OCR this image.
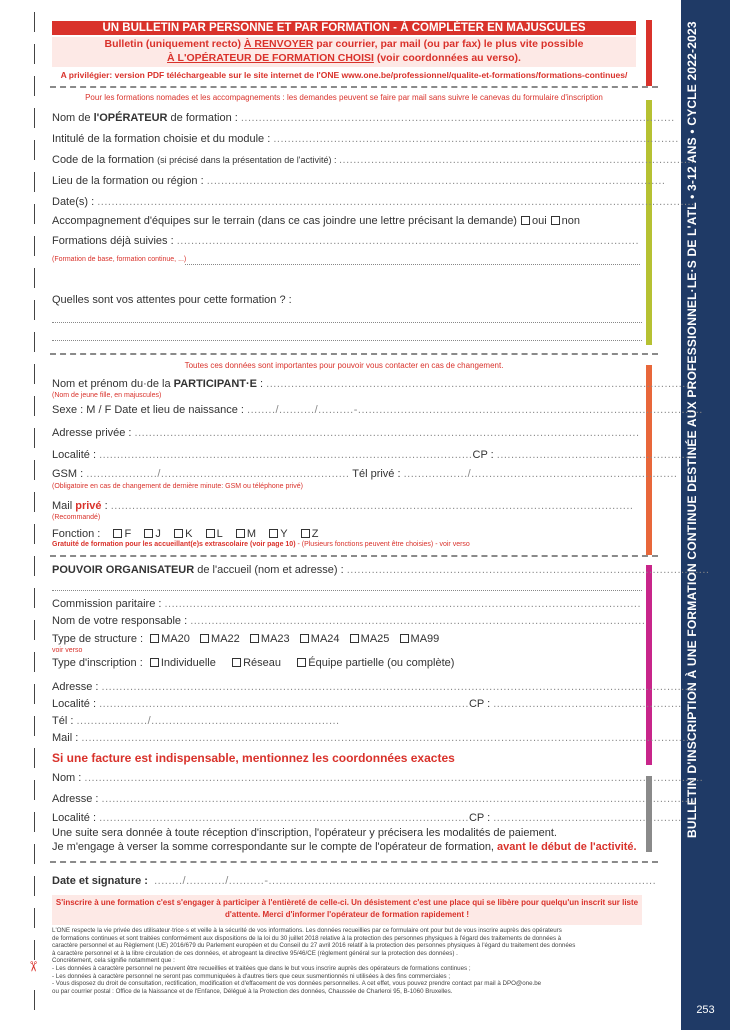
✂
BULLETIN D'INSCRIPTION À UNE FORMATION CONTINUE DESTINÉE AUX PROFESSIONNEL·LE·S DE L'ATL • 3-12 ANS • CYCLE 2022-2023
253
UN BULLETIN PAR PERSONNE ET PAR FORMATION - À COMPLÉTER EN MAJUSCULES
Bulletin (uniquement recto) À RENVOYER par courrier, par mail (ou par fax) le plus vite possible
À L'OPÉRATEUR DE FORMATION CHOISI (voir coordonnées au verso).
A privilégier: version PDF téléchargeable sur le site internet de l'ONE www.one.be/professionnel/qualite-et-formations/formations-continues/
Pour les formations nomades et les accompagnements : les demandes peuvent se faire par mail sans suivre le canevas du formulaire d'inscription
Nom de l'OPÉRATEUR de formation : ..........................................................................................................................
Intitulé de la formation choisie et du module : ..................................................................................................................
Code de la formation (si précisé dans la présentation de l'activité) : ....................................................................................................
Lieu de la formation ou région : .................................................................................................................................
Date(s) : ........................................................................................................................................................................
Accompagnement d'équipes sur le terrain (dans ce cas joindre une lettre précisant la demande) oui non
Formations déjà suivies : ..................................................................................................................................
(Formation de base, formation continue, ...)
Quelles sont vos attentes pour cette formation ? :
Toutes ces données sont importantes pour pouvoir vous contacter en cas de changement.
Nom et prénom du·de la PARTICIPANT·E : ........................................................................................................................
(Nom de jeune fille, en majuscules)
Sexe : M / F Date et lieu de naissance : ......../........../..........-.................................................................................................
Adresse privée : ..............................................................................................................................................
Localité : .........................................................................................................CP : ......................................................
GSM : ..................../..................................................... Tél privé : ................../..........................................................
(Obligatoire en cas de changement de dernière minute: GSM ou téléphone privé)
Mail privé : ...................................................................................................................................................
(Recommandé)
Fonction : F J K L M Y Z
Gratuité de formation pour les accueillant(e)s extrascolaire (voir page 10) - (Plusieurs fonctions peuvent être choisies) - voir verso
POUVOIR ORGANISATEUR de l'accueil (nom et adresse) : ......................................................................................................
Commission paritaire : ......................................................................................................................................
Nom de votre responsable : ................................................................................................................................
Type de structure : MA20 MA22 MA23 MA24 MA25 MA99
voir verso
Type d'inscription : Individuelle Réseau Équipe partielle (ou complète)
Adresse : .......................................................................................................................................................................
Localité : ........................................................................................................CP : .....................................................
Tél : ..................../.....................................................
Mail : ............................................................................................................................................................................
Si une facture est indispensable, mentionnez les coordonnées exactes
Nom : ..............................................................................................................................................................................
Adresse : .......................................................................................................................................................................
Localité : ........................................................................................................CP : .....................................................
Une suite sera donnée à toute réception d'inscription, l'opérateur y précisera les modalités de paiement.
Je m'engage à verser la somme correspondante sur le compte de l'opérateur de formation, avant le début de l'activité.
Date et signature : ......../.........../..........-.............................................................................................................
S'inscrire à une formation c'est s'engager à participer à l'entièreté de celle-ci. Un désistement c'est une place qui se libère pour quelqu'un inscrit sur liste d'attente. Merci d'informer l'opérateur de formation rapidement !
L'ONE respecte la vie privée des utilisateur·trice·s et veille à la sécurité de vos informations. Les données recueillies par ce formulaire ont pour but de vous inscrire auprès des opérateurs
de formations continues et sont traitées conformément aux dispositions de la loi du 30 juillet 2018 relative à la protection des personnes physiques à l'égard des traitements de données à
caractère personnel et au Règlement (UE) 2016/679 du Parlement européen et du Conseil du 27 avril 2016 relatif à la protection des personnes physiques à l'égard du traitement des données
à caractère personnel et à la libre circulation de ces données, et abrogeant la directive 95/46/CE (règlement général sur la protection des données) .
Concrètement, cela signifie notamment que :
- Les données à caractère personnel ne peuvent être recueillies et traitées que dans le but vous inscrire auprès des opérateurs de formations continues ;
- Les données à caractère personnel ne seront pas communiquées à d'autres tiers que ceux susmentionnés ni utilisées à des fins commerciales ;
- Vous disposez du droit de consultation, rectification, modification et d'effacement de vos données personnelles. A cet effet, vous pouvez prendre contact par mail à DPO@one.be
ou par courrier postal : Office de la Naissance et de l'Enfance, Délégué à la Protection des données, Chaussée de Charleroi 95, B-1060 Bruxelles.
